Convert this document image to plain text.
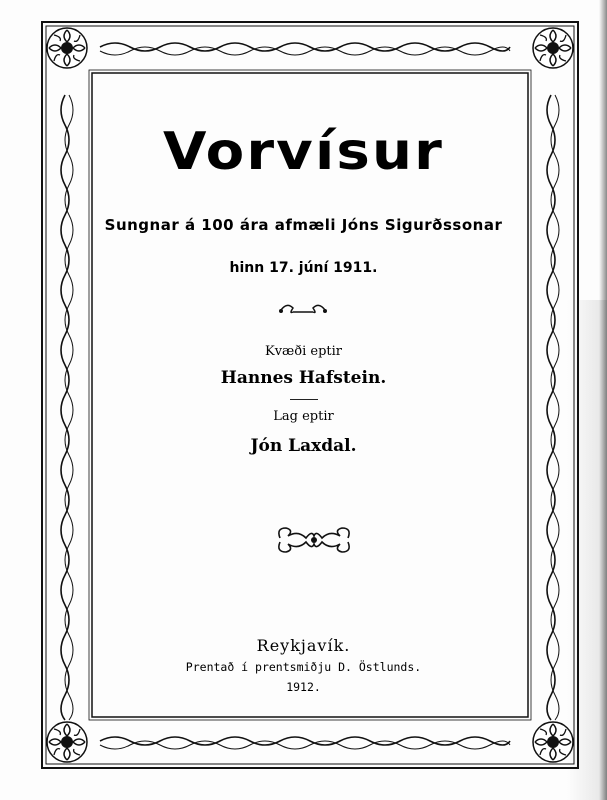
Vorvísur
Sungnar á 100 ára afmæli Jóns Sigurðssonar
hinn 17. júní 1911.
Kvæði eptir
Hannes Hafstein.
Lag eptir
Jón Laxdal.
Reykjavík.
Prentað í prentsmiðju D. Östlunds.
1912.
